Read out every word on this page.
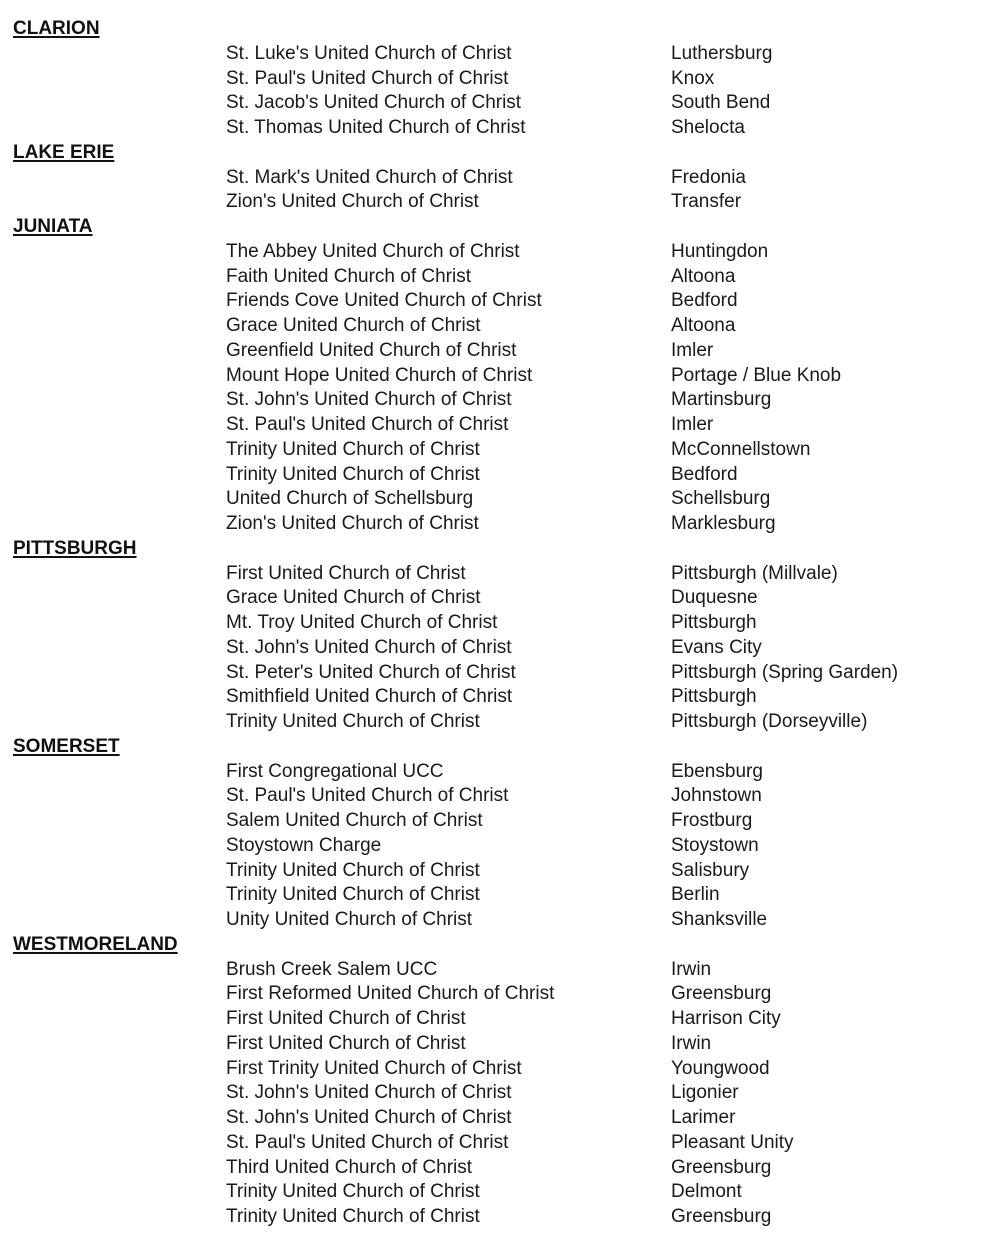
CLARION
St. Luke's United Church of Christ	Luthersburg
St. Paul's United Church of Christ	Knox
St. Jacob's United Church of Christ	South Bend
St. Thomas United Church of Christ	Shelocta
LAKE ERIE
St. Mark's United Church of Christ	Fredonia
Zion's United Church of Christ	Transfer
JUNIATA
The Abbey United Church of Christ	Huntingdon
Faith United Church of Christ	Altoona
Friends Cove United Church of Christ	Bedford
Grace United Church of Christ	Altoona
Greenfield United Church of Christ	Imler
Mount Hope United Church of Christ	Portage / Blue Knob
St. John's United Church of Christ	Martinsburg
St. Paul's United Church of Christ	Imler
Trinity United Church of Christ	McConnellstown
Trinity United Church of Christ	Bedford
United Church of Schellsburg	Schellsburg
Zion's United Church of Christ	Marklesburg
PITTSBURGH
First United Church of Christ	Pittsburgh (Millvale)
Grace United Church of Christ	Duquesne
Mt. Troy United Church of Christ	Pittsburgh
St. John's United Church of Christ	Evans City
St. Peter's United Church of Christ	Pittsburgh (Spring Garden)
Smithfield United Church of Christ	Pittsburgh
Trinity United Church of Christ	Pittsburgh (Dorseyville)
SOMERSET
First Congregational UCC	Ebensburg
St. Paul's United Church of Christ	Johnstown
Salem United Church of Christ	Frostburg
Stoystown Charge	Stoystown
Trinity United Church of Christ	Salisbury
Trinity United Church of Christ	Berlin
Unity United Church of Christ	Shanksville
WESTMORELAND
Brush Creek Salem UCC	Irwin
First Reformed United Church of Christ	Greensburg
First United Church of Christ	Harrison City
First United Church of Christ	Irwin
First Trinity United Church of Christ	Youngwood
St. John's United Church of Christ	Ligonier
St. John's United Church of Christ	Larimer
St. Paul's United Church of Christ	Pleasant Unity
Third United Church of Christ	Greensburg
Trinity United Church of Christ	Delmont
Trinity United Church of Christ	Greensburg
